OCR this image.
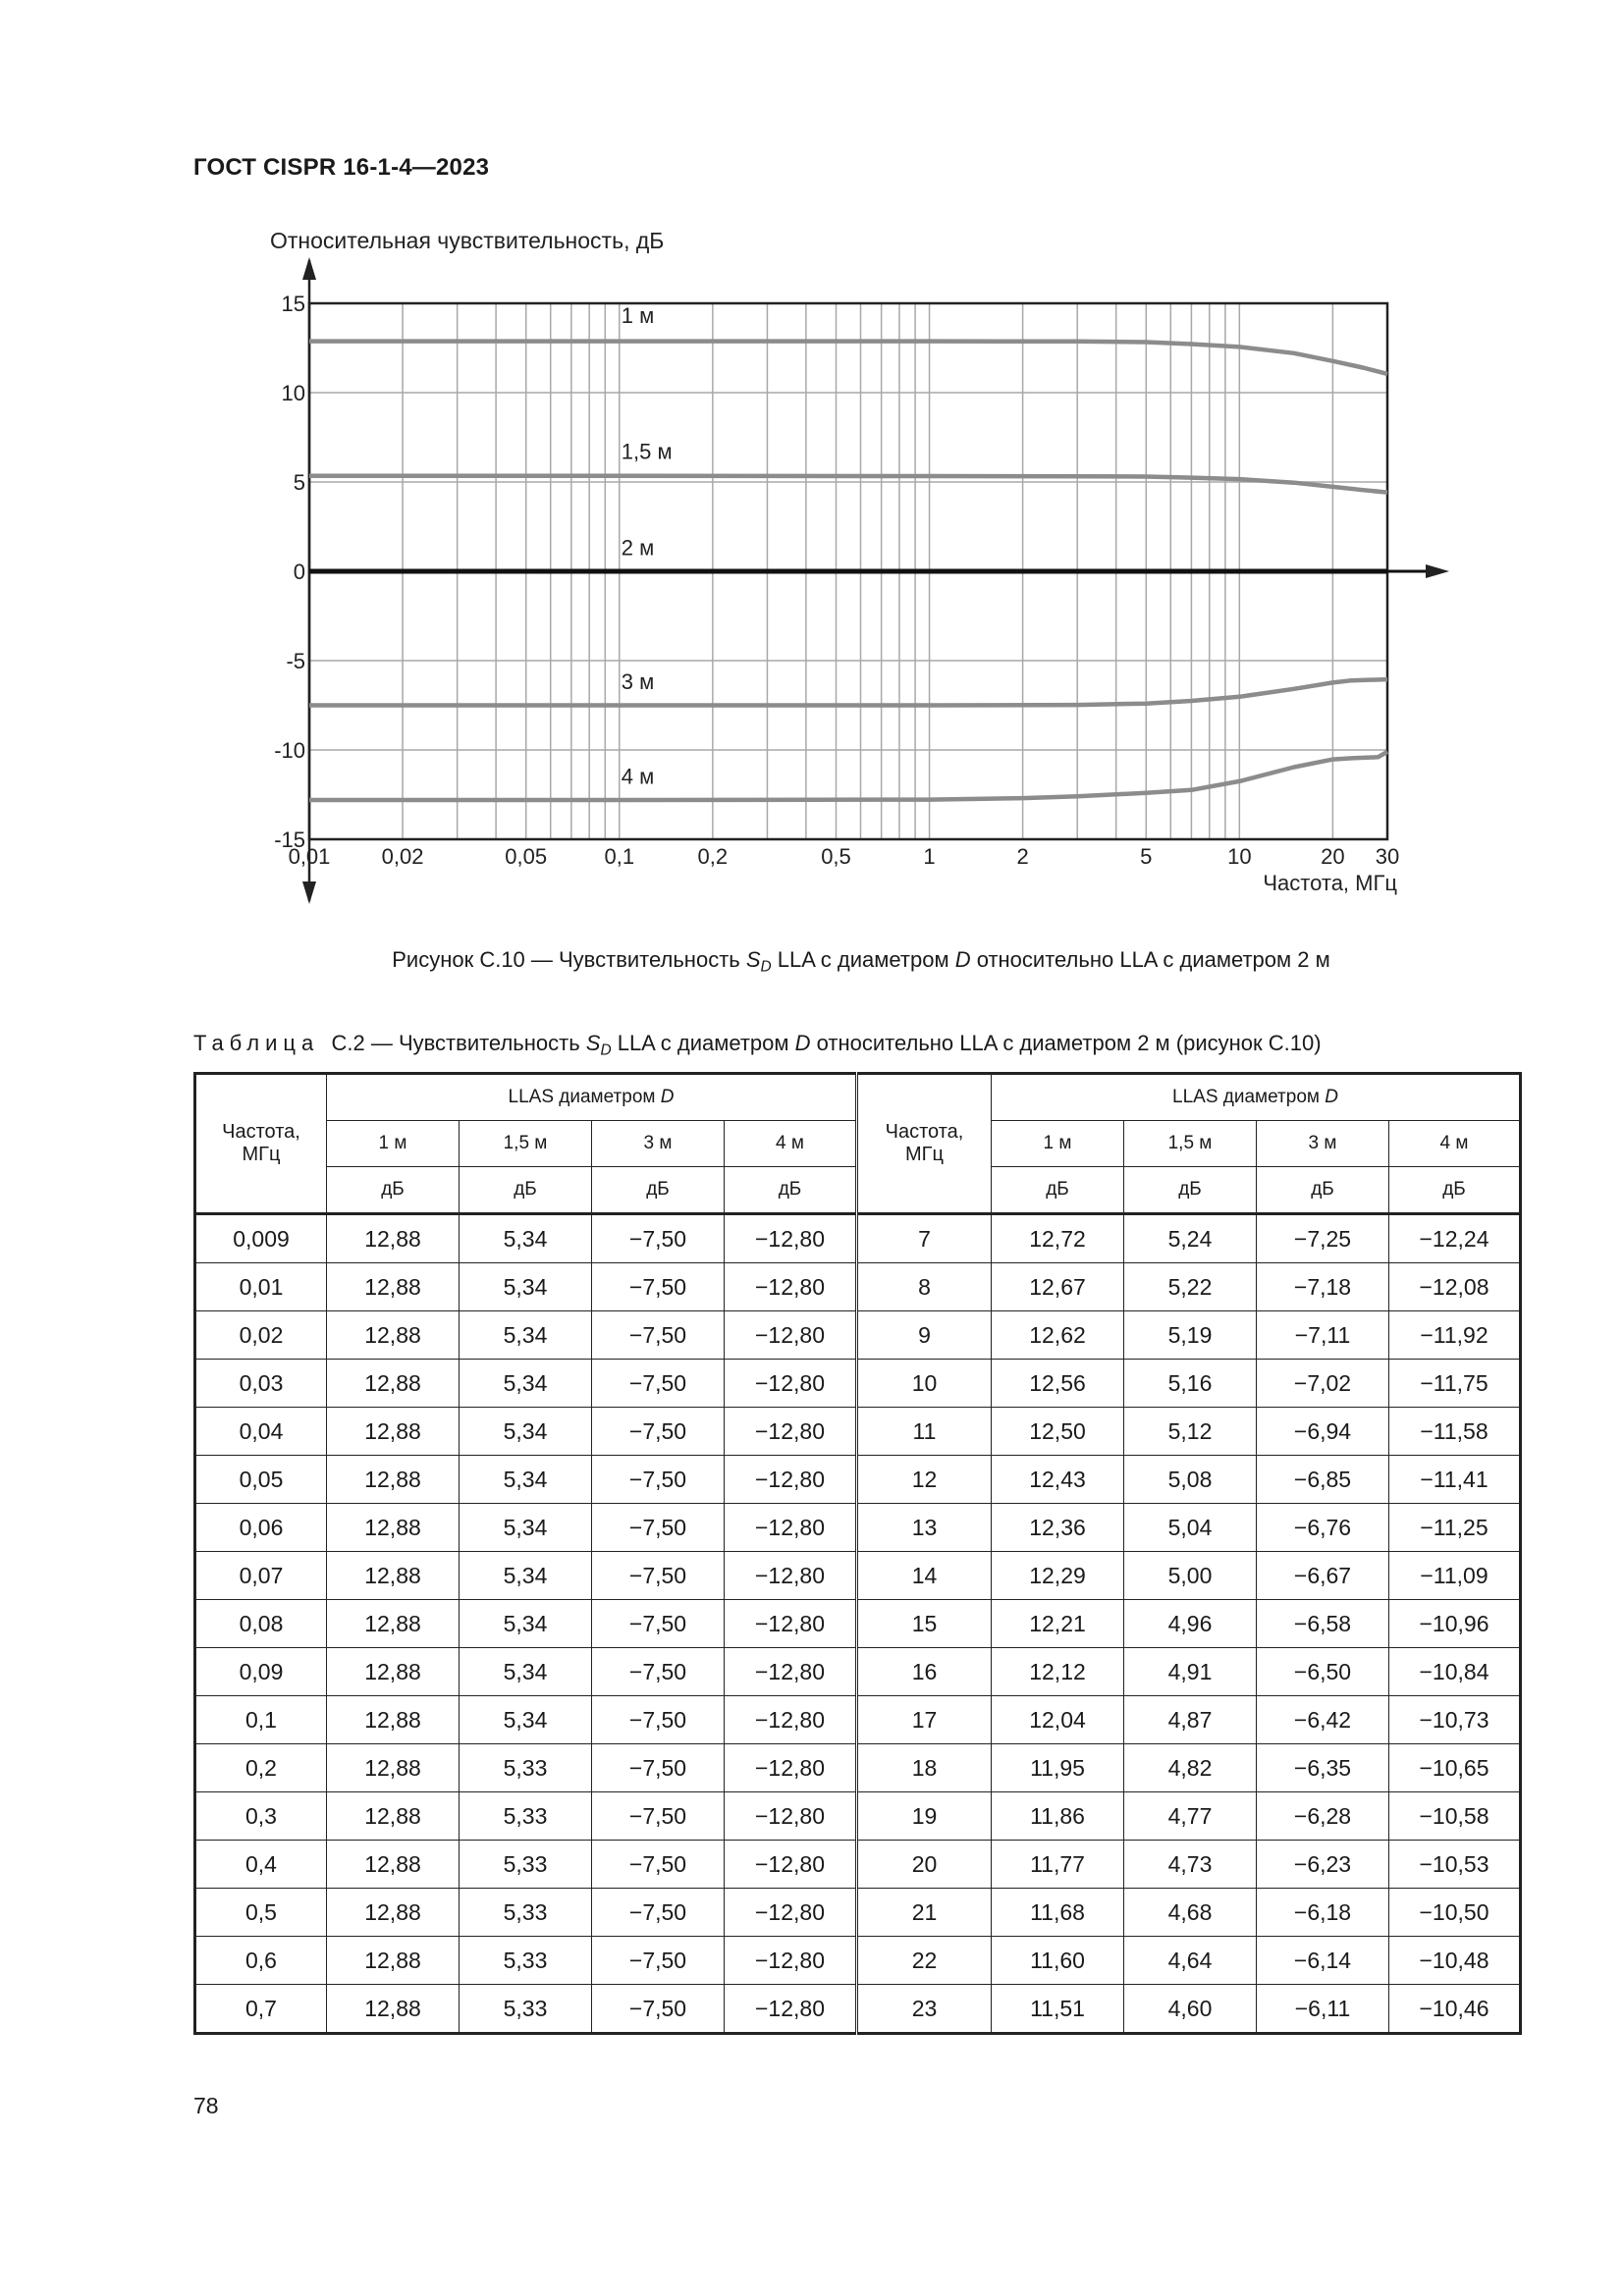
ГОСТ CISPR 16-1-4—2023
15
10
5
0
-5
-10
-15
0,01 0,02	0,05	0,1	0,2	0,5	1	2	5	10	20 30
Относительная чувствительность, дБ
Частота, МГц
1 м
1,5 м
2 м
3 м
4 м
Рисунок С.10 — Чувствительность $S_D$ LLA с диаметром D относительно LLA с диаметром 2 м
Таблица  С.2 — Чувствительность $S_D$ LLA с диаметром D относительно LLA с диаметром 2 м (рисунок С.10)
Частота, МГц	LLAS диаметром D				Частота, МГц	LLAS диаметром D			
	1 м	1,5 м	3 м	4 м		1 м	1,5 м	3 м	4 м
	дБ	дБ	дБ	дБ		дБ	дБ	дБ	дБ
0,009	12,88	5,34	−7,50	−12,80	7	12,72	5,24	−7,25	−12,24
0,01	12,88	5,34	−7,50	−12,80	8	12,67	5,22	−7,18	−12,08
0,02	12,88	5,34	−7,50	−12,80	9	12,62	5,19	−7,11	−11,92
0,03	12,88	5,34	−7,50	−12,80	10	12,56	5,16	−7,02	−11,75
0,04	12,88	5,34	−7,50	−12,80	11	12,50	5,12	−6,94	−11,58
0,05	12,88	5,34	−7,50	−12,80	12	12,43	5,08	−6,85	−11,41
0,06	12,88	5,34	−7,50	−12,80	13	12,36	5,04	−6,76	−11,25
0,07	12,88	5,34	−7,50	−12,80	14	12,29	5,00	−6,67	−11,09
0,08	12,88	5,34	−7,50	−12,80	15	12,21	4,96	−6,58	−10,96
0,09	12,88	5,34	−7,50	−12,80	16	12,12	4,91	−6,50	−10,84
0,1	12,88	5,34	−7,50	−12,80	17	12,04	4,87	−6,42	−10,73
0,2	12,88	5,33	−7,50	−12,80	18	11,95	4,82	−6,35	−10,65
0,3	12,88	5,33	−7,50	−12,80	19	11,86	4,77	−6,28	−10,58
0,4	12,88	5,33	−7,50	−12,80	20	11,77	4,73	−6,23	−10,53
0,5	12,88	5,33	−7,50	−12,80	21	11,68	4,68	−6,18	−10,50
0,6	12,88	5,33	−7,50	−12,80	22	11,60	4,64	−6,14	−10,48
0,7	12,88	5,33	−7,50	−12,80	23	11,51	4,60	−6,11	−10,46
78
